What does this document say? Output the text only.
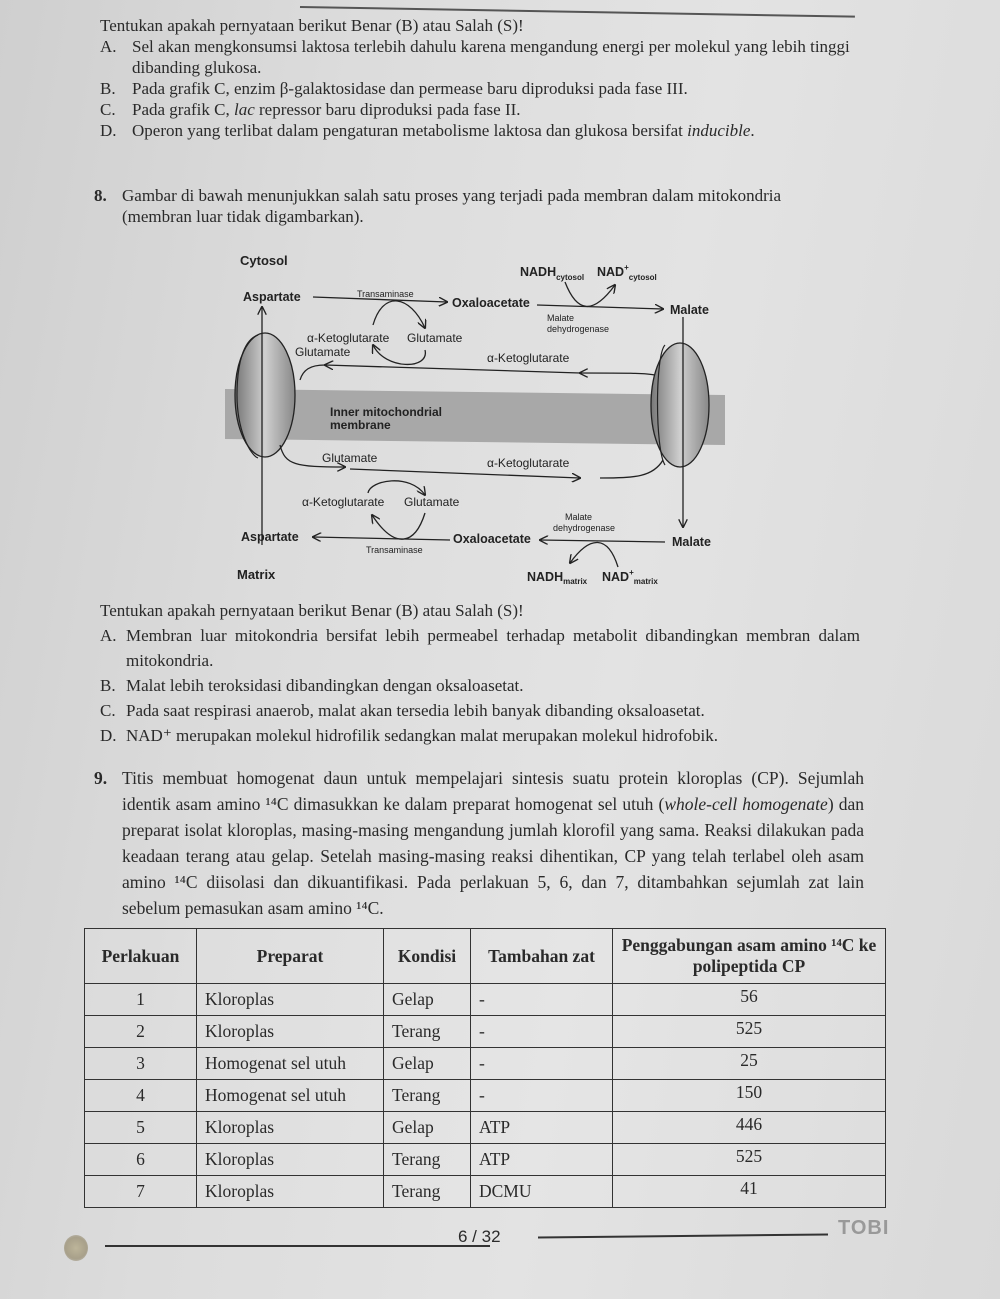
Tentukan apakah pernyataan berikut Benar (B) atau Salah (S)!

A. Sel akan mengkonsumsi laktosa terlebih dahulu karena mengandung energi per molekul yang lebih tinggi dibanding glukosa.
B. Pada grafik C, enzim β-galaktosidase dan permease baru diproduksi pada fase III.
C. Pada grafik C, lac repressor baru diproduksi pada fase II.
D. Operon yang terlibat dalam pengaturan metabolisme laktosa dan glukosa bersifat inducible.
8. Gambar di bawah menunjukkan salah satu proses yang terjadi pada membran dalam mitokondria (membran luar tidak digambarkan).
Cytosol
Aspartate	Transaminase
Oxaloacetate	Malate
$NADH_{cytosol}$ $NAD^+_{cytosol}$
Malate
dehydrogenase
α-Ketoglutarate Glutamate
Glutamate	α-Ketoglutarate
Inner mitochondrial
membrane
Glutamate	α-Ketoglutarate
α-Ketoglutarate Glutamate
Aspartate
Transaminase
Oxaloacetate	Malate
Malate
dehydrogenase
Matrix	$NADH_{matrix}$ $NAD^+_{matrix}$

Tentukan apakah pernyataan berikut Benar (B) atau Salah (S)!

A. Membran luar mitokondria bersifat lebih permeabel terhadap metabolit dibandingkan membran dalam mitokondria.
B. Malat lebih teroksidasi dibandingkan dengan oksaloasetat.
C. Pada saat respirasi anaerob, malat akan tersedia lebih banyak dibanding oksaloasetat.
D. NAD⁺ merupakan molekul hidrofilik sedangkan malat merupakan molekul hidrofobik.
9. Titis membuat homogenat daun untuk mempelajari sintesis suatu protein kloroplas (CP). Sejumlah identik asam amino ¹⁴C dimasukkan ke dalam preparat homogenat sel utuh (whole-cell homogenate) dan preparat isolat kloroplas, masing-masing mengandung jumlah klorofil yang sama. Reaksi dilakukan pada keadaan terang atau gelap. Setelah masing-masing reaksi dihentikan, CP yang telah terlabel oleh asam amino ¹⁴C diisolasi dan dikuantifikasi. Pada perlakuan 5, 6, dan 7, ditambahkan sejumlah zat lain sebelum pemasukan asam amino ¹⁴C.
Perlakuan	Preparat	Kondisi	Tambahan zat	Penggabungan asam amino ¹⁴C ke polipeptida CP
1	Kloroplas	Gelap	-	56
2	Kloroplas	Terang	-	525
3	Homogenat sel utuh	Gelap	-	25
4	Homogenat sel utuh	Terang	-	150
5	Kloroplas	Gelap	ATP	446
6	Kloroplas	Terang	ATP	525
7	Kloroplas	Terang	DCMU	41
6 / 32	TOBI
